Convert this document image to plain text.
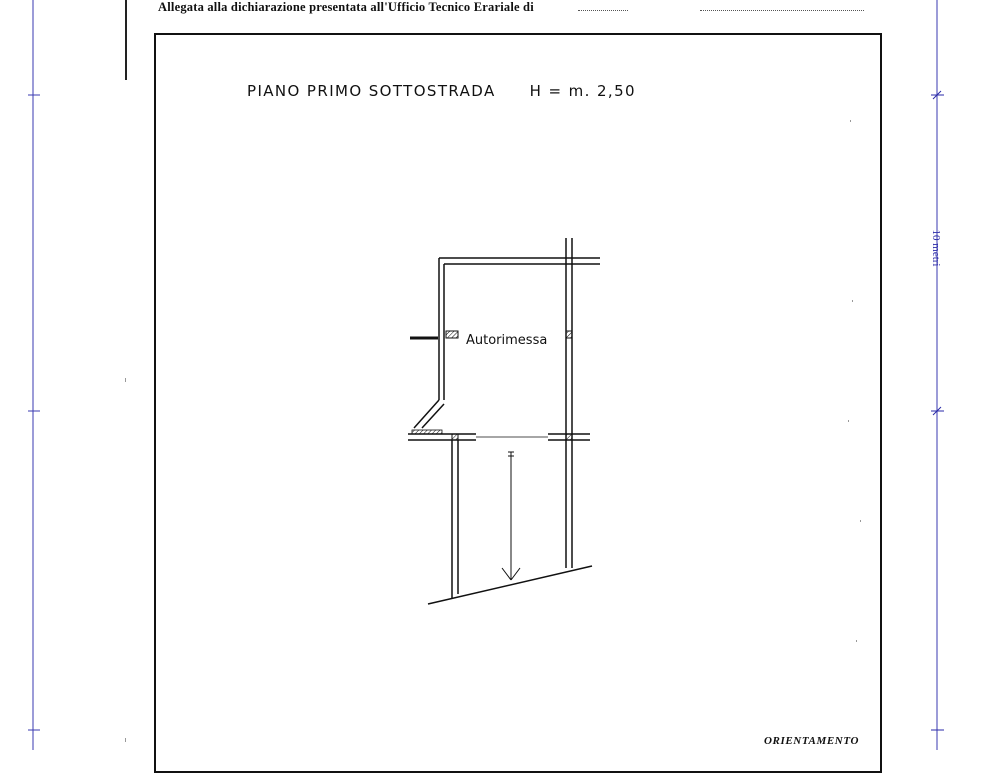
Allegata alla dichiarazione presentata all'Ufficio Tecnico Erariale di
PIANO PRIMO SOTTOSTRADA H = m. 2,50
Autorimessa
10 metri
ORIENTAMENTO
